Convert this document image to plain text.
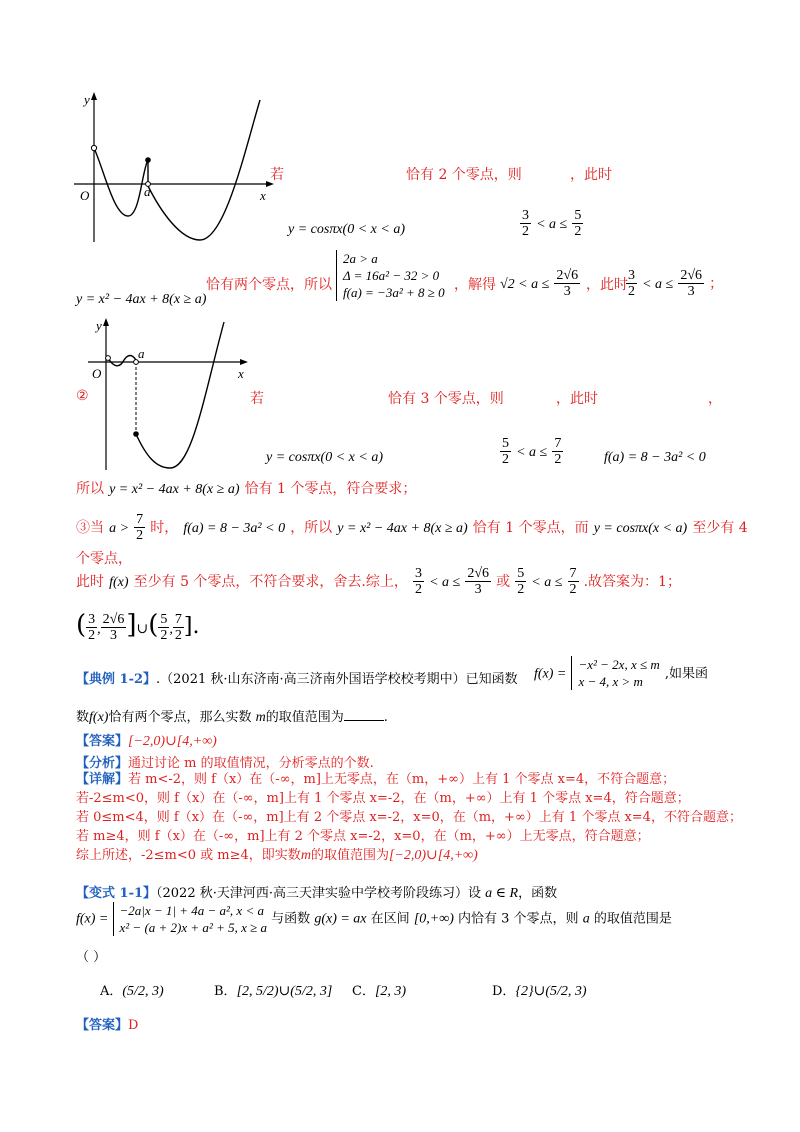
y
x
O	a
若	恰有 2 个零点，则	，此时
y = cosπx(0 < x < a)	$\frac{3}{2} < a \le \frac{5}{2}$
y = x² − 4ax + 8(x ≥ a)
恰有两个零点，所以
2a > a
Δ = 16a² − 32 > 0
f(a) = −3a² + 8 ≥ 0 ，解得 $√2 < a \le \frac{2√6}{3}$ ，此时
$\frac{3}{2} < a \le \frac{2√6}{3}$ ；
y
x
O
a
②	若	恰有 3 个零点，则	，此时	，
y = cosπx(0 < x < a)	$\frac{5}{2} < a \le \frac{7}{2}$	f(a) = 8 − 3a² < 0
所以 y = x² − 4ax + 8(x ≥ a) 恰有 1 个零点，符合要求；
③当 $a > \frac{7}{2}$ 时， f(a) = 8 − 3a² < 0 ，所以 y = x² − 4ax + 8(x ≥ a) 恰有 1 个零点，而 y = cosπx(x < a) 至少有 4
个零点，
此时 f(x) 至少有 5 个零点，不符合要求，舍去.综上， $\frac{3}{2} < a \le \frac{2√6}{3}$ 或 $\frac{5}{2} < a \le \frac{7}{2}$ .故答案为：1；
( $\frac{3}{2}$ , $\frac{2√6}{3}$ ]∪( $\frac{5}{2}$ , $\frac{7}{2}$ ].
【典例 1-2】.（2021 秋·山东济南·高三济南外国语学校校考期中）已知函数 f(x) =
−x² − 2x, x ≤ m
x − 4, x > m	,如果函
数f(x)恰有两个零点，那么实数 m的取值范围为	.
【答案】[−2,0)∪[4,+∞)
【分析】通过讨论 m 的取值情况，分析零点的个数.
【详解】若 m<-2，则 f（x）在（-∞，m]上无零点，在（m，+∞）上有 1 个零点 x=4，不符合题意；
若-2≤m<0，则 f（x）在（-∞，m]上有 1 个零点 x=-2，在（m，+∞）上有 1 个零点 x=4，符合题意；
若 0≤m<4，则 f（x）在（-∞，m]上有 2 个零点 x=-2，x=0，在（m，+∞）上有 1 个零点 x=4，不符合题意；
若 m≥4，则 f（x）在（-∞，m]上有 2 个零点 x=-2，x=0，在（m，+∞）上无零点，符合题意；
综上所述，-2≤m<0 或 m≥4，即实数m的取值范围为[−2,0)∪[4,+∞)
【变式 1-1】（2022 秋·天津河西·高三天津实验中学校考阶段练习）设 a ∈ R，函数
f(x) =
−2a|x − 1| + 4a − a², x < a
x² − (a + 2)x + a² + 5, x ≥ a
与函数 g(x) = ax 在区间 [0,+∞) 内恰有 3 个零点，则 a 的取值范围是
（ ）
A．(5/2, 3)	B．[2, 5/2)∪(5/2, 3] C．[2, 3)	D．{2}∪(5/2, 3)
【答案】D
